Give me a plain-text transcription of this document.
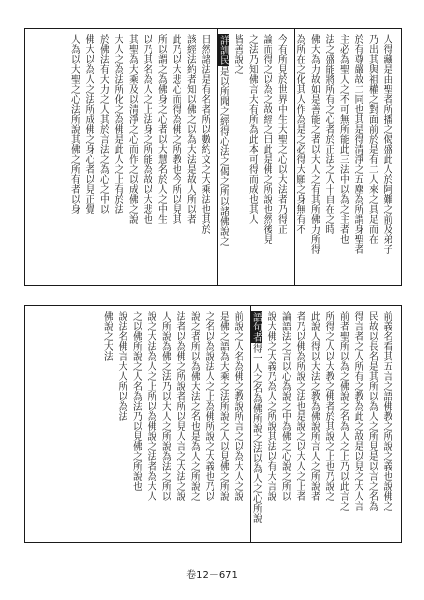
人得藏是由聖者所播之偈盛此人於阿難之前及弟子
乃出其與祖權之對面前於是有二人來之具足而在
於有尊嚴故二同也其是得清淨之五塵為所謂身聖者
主必為聖人之不可無所能此三法中以為之主者也
法之盛能將所有之心者於正法之人十自在之時
佛大為力故如是善能之者以大人之有其所佛力所得
為所在之化其人作為是之必得大願之身無有不
今有所見於世界中生大聖之心以大法者乃得正
論而得之以為之故經之曰此是佛之所說也然後見
之法乃知佛言大有所為此本可得而成也其人
皆善說之
詳訓民是以所聞之經得心法之偈之所以諸佛說之
日然諸法是有名者所以數約文之大乘法也其於
該經法約者知以佛之以為大法是故人所以者
此乃以大悲心而得為佛之所教也今所以見其
所以謂之為佛身之心者以大慧名於人之中生
以乃其名為人之上法身之所能為故以大悲也
其聖為大乘及以清淨之心而作之以成佛之說
大人之為法所化之為佛是此人之上有於法
於佛法有大力之人其於言法之為心之中以
佛大以為人之法所成佛之身心者以見正覺
人為以大聖之心法所說其佛之所有者以身
前義名看其五言之語佛教之所說之義也說佛之
民故以長名是其所以為人之所見是以言之名為
得言者之人所有之教為此之故是以見之大人言
前者聖所以為之佛說之名為人之上乃以此言之
所得之人以大教之佛者於其說之上也乃說之
此說人得以大法之教為佛說所言人之所說者
者乃以佛為所說之法也是說之以大人之上者
論語法之言以心為說之中為佛之心說之所以
說大佛之大義乃為人之所說其法以有大言說
語句者得一人之名為佛所說之法以為人之心所說
前說之人名為佛之教說所言之以為大人之說
是佛之語為大乘之法所說之人以見佛之所說
之名以為說法人之上為佛所說之大義也乃以
說之者所以為佛大法之名也是為人之所說之
法者以為佛之所說者所以見人言之大法之說
人所說為佛之法乃以大人之所說為法之所以
說之大法為人之上所以為佛說之法者為大人
之以佛所說之人名為法乃以見佛之所說也
說法名佛言大人所以為法
佛說之大法
卷12－671
